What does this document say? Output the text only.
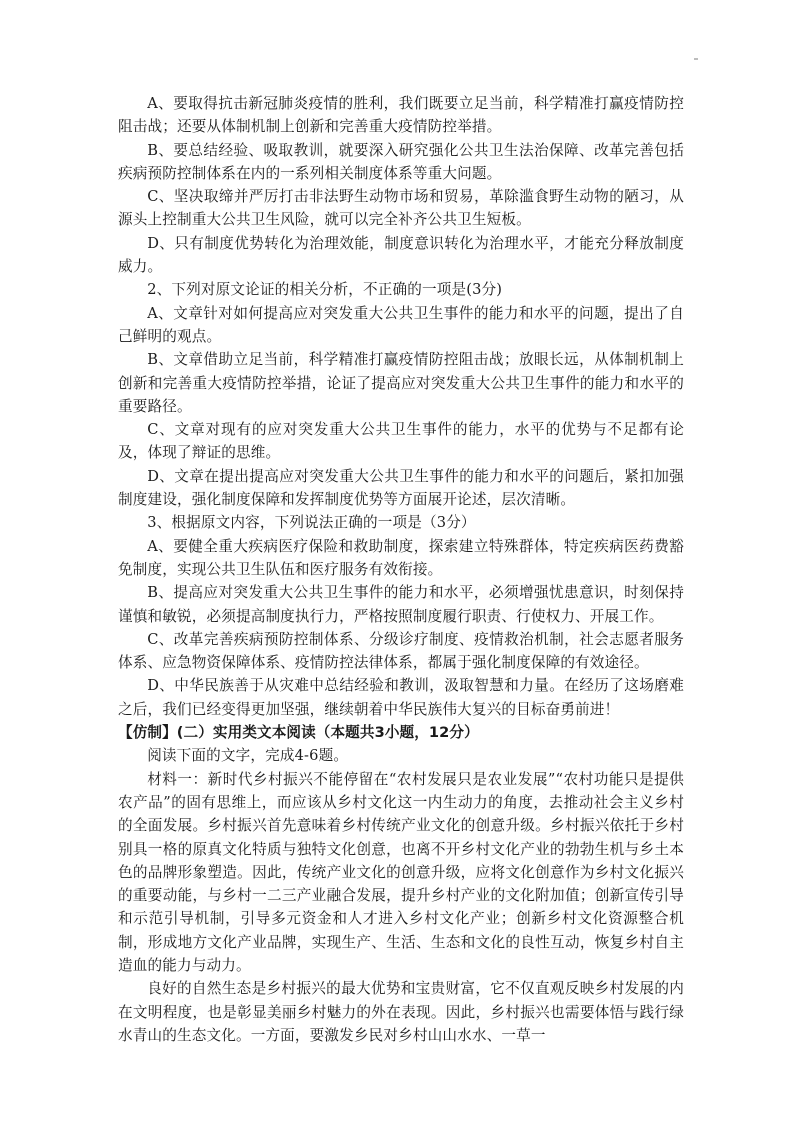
A、要取得抗击新冠肺炎疫情的胜利，我们既要立足当前，科学精准打赢疫情防控阻击战；还要从体制机制上创新和完善重大疫情防控举措。

B、要总结经验、吸取教训，就要深入研究强化公共卫生法治保障、改革完善包括疾病预防控制体系在内的一系列相关制度体系等重大问题。

C、坚决取缔并严厉打击非法野生动物市场和贸易，革除滥食野生动物的陋习，从源头上控制重大公共卫生风险，就可以完全补齐公共卫生短板。

D、只有制度优势转化为治理效能，制度意识转化为治理水平，才能充分释放制度威力。

2、下列对原文论证的相关分析，不正确的一项是(3分)

A、文章针对如何提高应对突发重大公共卫生事件的能力和水平的问题，提出了自己鲜明的观点。

B、文章借助立足当前，科学精准打赢疫情防控阻击战；放眼长远，从体制机制上创新和完善重大疫情防控举措，论证了提高应对突发重大公共卫生事件的能力和水平的重要路径。

C、文章对现有的应对突发重大公共卫生事件的能力，水平的优势与不足都有论及，体现了辩证的思维。

D、文章在提出提高应对突发重大公共卫生事件的能力和水平的问题后，紧扣加强制度建设，强化制度保障和发挥制度优势等方面展开论述，层次清晰。

3、根据原文内容，下列说法正确的一项是（3分）

A、要健全重大疾病医疗保险和救助制度，探索建立特殊群体，特定疾病医药费豁免制度，实现公共卫生队伍和医疗服务有效衔接。

B、提高应对突发重大公共卫生事件的能力和水平，必须增强忧患意识，时刻保持谨慎和敏锐，必须提高制度执行力，严格按照制度履行职责、行使权力、开展工作。

C、改革完善疾病预防控制体系、分级诊疗制度、疫情救治机制，社会志愿者服务体系、应急物资保障体系、疫情防控法律体系，都属于强化制度保障的有效途径。

D、中华民族善于从灾难中总结经验和教训，汲取智慧和力量。在经历了这场磨难之后，我们已经变得更加坚强，继续朝着中华民族伟大复兴的目标奋勇前进！

【仿制】(二）实用类文本阅读（本题共3小题，12分）

阅读下面的文字，完成4-6题。

材料一：新时代乡村振兴不能停留在“农村发展只是农业发展”“农村功能只是提供农产品”的固有思维上，而应该从乡村文化这一内生动力的角度，去推动社会主义乡村的全面发展。乡村振兴首先意味着乡村传统产业文化的创意升级。乡村振兴依托于乡村别具一格的原真文化特质与独特文化创意，也离不开乡村文化产业的勃勃生机与乡土本色的品牌形象塑造。因此，传统产业文化的创意升级，应将文化创意作为乡村文化振兴的重要动能，与乡村一二三产业融合发展，提升乡村产业的文化附加值；创新宣传引导和示范引导机制，引导多元资金和人才进入乡村文化产业；创新乡村文化资源整合机制，形成地方文化产业品牌，实现生产、生活、生态和文化的良性互动，恢复乡村自主造血的能力与动力。

良好的自然生态是乡村振兴的最大优势和宝贵财富，它不仅直观反映乡村发展的内在文明程度，也是彰显美丽乡村魅力的外在表现。因此，乡村振兴也需要体悟与践行绿水青山的生态文化。一方面，要激发乡民对乡村山山水水、一草一
